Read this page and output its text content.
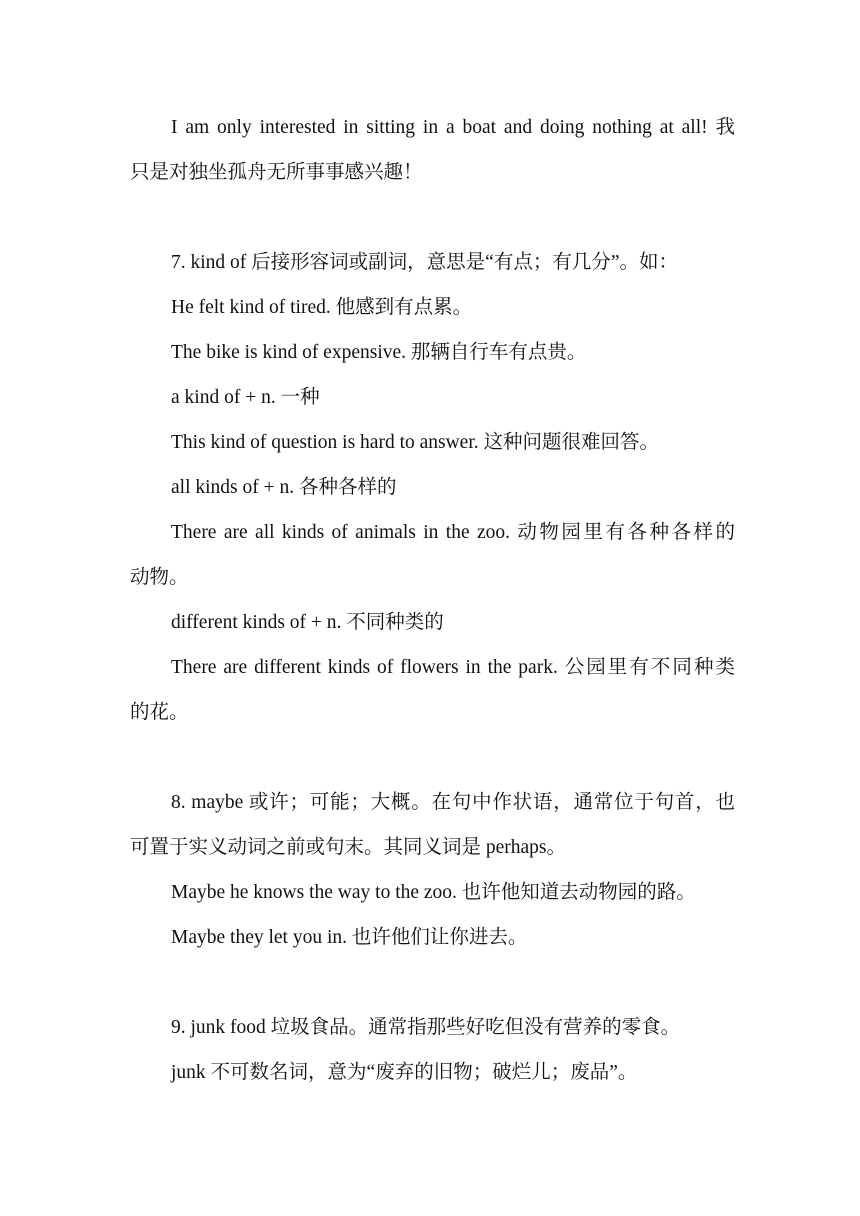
I am only interested in sitting in a boat and doing nothing at all! 我
只是对独坐孤舟无所事事感兴趣！
7. kind of 后接形容词或副词，意思是“有点；有几分”。如：
He felt kind of tired. 他感到有点累。
The bike is kind of expensive. 那辆自行车有点贵。
a kind of + n. 一种
This kind of question is hard to answer. 这种问题很难回答。
all kinds of + n. 各种各样的
There are all kinds of animals in the zoo. 动物园里有各种各样的
动物。
different kinds of + n. 不同种类的
There are different kinds of flowers in the park. 公园里有不同种类
的花。
8. maybe 或许；可能；大概。在句中作状语，通常位于句首，也
可置于实义动词之前或句末。其同义词是 perhaps。
Maybe he knows the way to the zoo. 也许他知道去动物园的路。
Maybe they let you in. 也许他们让你进去。
9. junk food 垃圾食品。通常指那些好吃但没有营养的零食。
junk 不可数名词，意为“废弃的旧物；破烂儿；废品”。
